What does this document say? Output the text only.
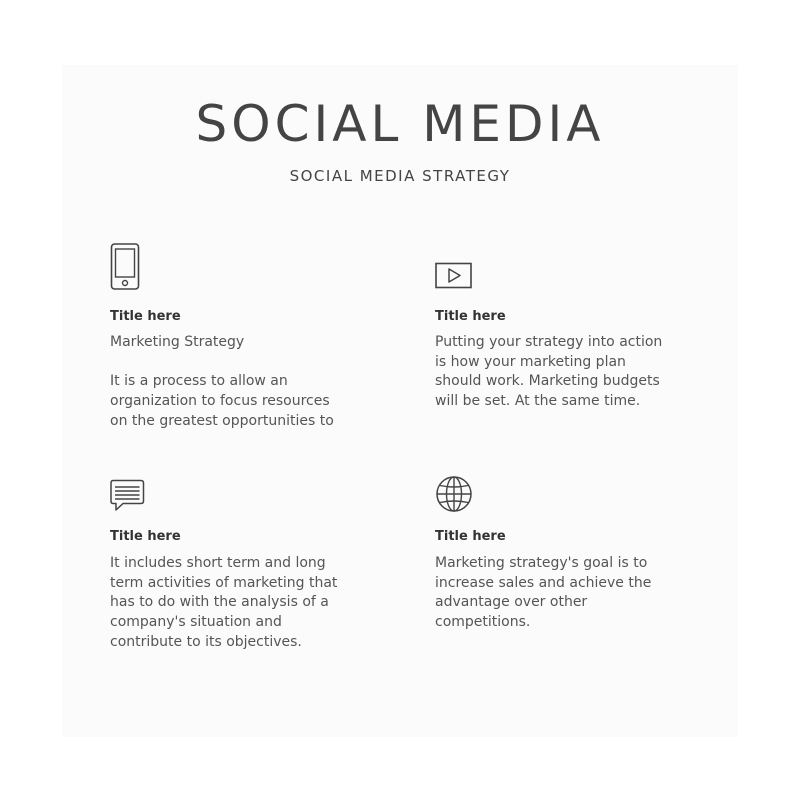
SOCIAL MEDIA
SOCIAL MEDIA STRATEGY
Title here

Marketing Strategy

It is a process to allow an
organization to focus resources
on the greatest opportunities to

Title here

Putting your strategy into action
is how your marketing plan
should work. Marketing budgets
will be set. At the same time.

Title here

It includes short term and long
term activities of marketing that
has to do with the analysis of a
company's situation and
contribute to its objectives.

Title here

Marketing strategy's goal is to
increase sales and achieve the
advantage over other
competitions.
